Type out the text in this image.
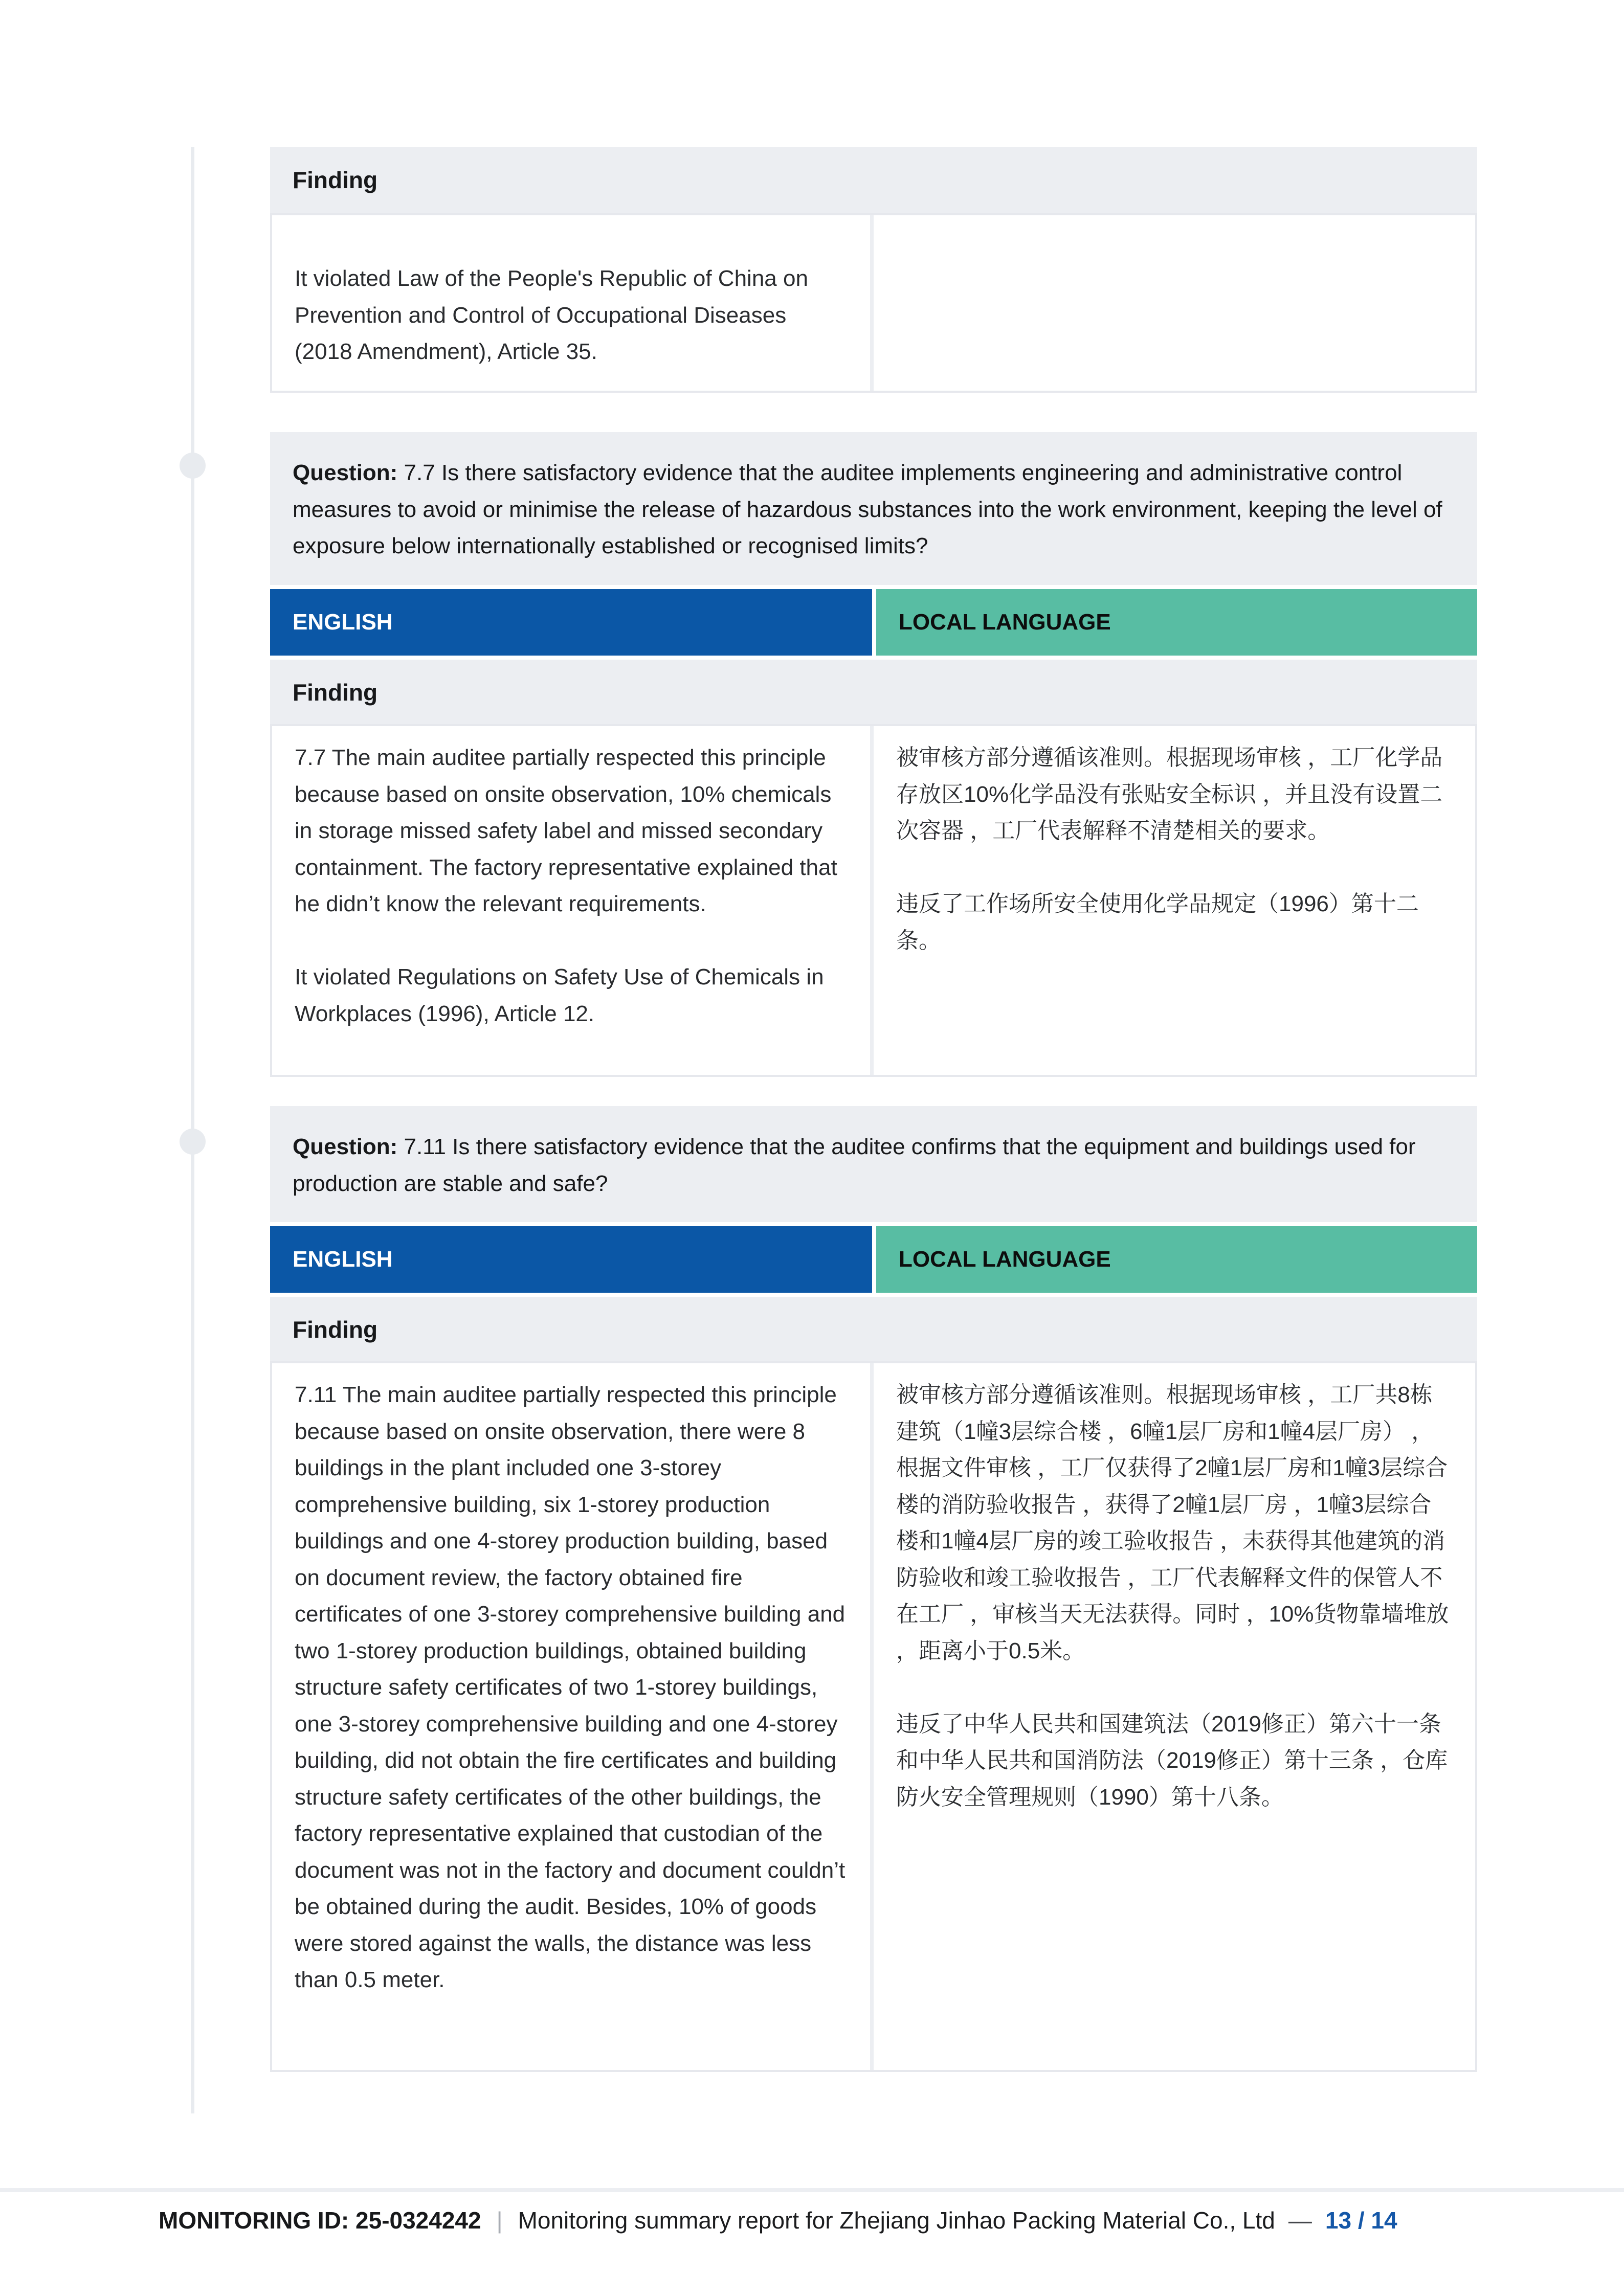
Finding

It violated Law of the People's Republic of China on Prevention and Control of Occupational Diseases (2018 Amendment), Article 35.

Question: 7.7 Is there satisfactory evidence that the auditee implements engineering and administrative control measures to avoid or minimise the release of hazardous substances into the work environment, keeping the level of exposure below internationally established or recognised limits?
ENGLISH	LOCAL LANGUAGE
Finding

7.7 The main auditee partially respected this principle because based on onsite observation, 10% chemicals in storage missed safety label and missed secondary containment. The factory representative explained that he didn’t know the relevant requirements.

It violated Regulations on Safety Use of Chemicals in Workplaces (1996), Article 12.

被审核方部分遵循该准则。根据现场审核 ，工厂化学品存放区10%化学品没有张贴安全标识 ，并且没有设置二次容器 ，工厂代表解释不清楚相关的要求。

违反了工作场所安全使用化学品规定（1996）第十二条。

Question: 7.11 Is there satisfactory evidence that the auditee confirms that the equipment and buildings used for production are stable and safe?
ENGLISH	LOCAL LANGUAGE
Finding

7.11 The main auditee partially respected this principle because based on onsite observation, there were 8 buildings in the plant included one 3-storey comprehensive building, six 1-storey production buildings and one 4-storey production building, based on document review, the factory obtained fire certificates of one 3-storey comprehensive building and two 1-storey production buildings, obtained building structure safety certificates of two 1-storey buildings, one 3-storey comprehensive building and one 4-storey building, did not obtain the fire certificates and building structure safety certificates of the other buildings, the factory representative explained that custodian of the document was not in the factory and document couldn’t be obtained during the audit. Besides, 10% of goods were stored against the walls, the distance was less than 0.5 meter.

被审核方部分遵循该准则。根据现场审核 ，工厂共8栋建筑（1幢3层综合楼 ，6幢1层厂房和1幢4层厂房） ，根据文件审核 ，工厂仅获得了2幢1层厂房和1幢3层综合楼的消防验收报告 ，获得了2幢1层厂房 ，1幢3层综合楼和1幢4层厂房的竣工验收报告 ，未获得其他建筑的消防验收和竣工验收报告 ，工厂代表解释文件的保管人不在工厂 ，审核当天无法获得。同时 ，10%货物靠墙堆放 ，距离小于0.5米。

违反了中华人民共和国建筑法（2019修正）第六十一条和中华人民共和国消防法（2019修正）第十三条 ，仓库防火安全管理规则（1990）第十八条。

MONITORING ID: 25-0324242 | Monitoring summary report for Zhejiang Jinhao Packing Material Co., Ltd — 13 / 14
